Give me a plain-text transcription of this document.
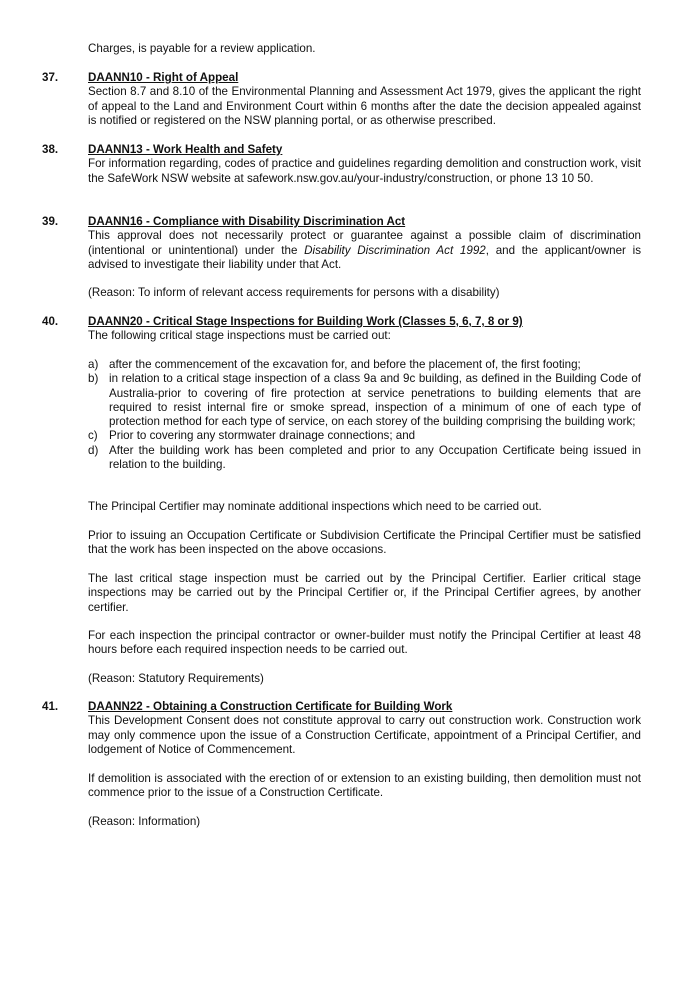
Charges, is payable for a review application.

37.	DAANN10 - Right of Appeal

Section 8.7 and 8.10 of the Environmental Planning and Assessment Act 1979, gives the applicant the right of appeal to the Land and Environment Court within 6 months after the date the decision appealed against is notified or registered on the NSW planning portal, or as otherwise prescribed.

38.	DAANN13 - Work Health and Safety

For information regarding, codes of practice and guidelines regarding demolition and construction work, visit the SafeWork NSW website at safework.nsw.gov.au/your-industry/construction, or phone 13 10 50.

39.	DAANN16 - Compliance with Disability Discrimination Act

This approval does not necessarily protect or guarantee against a possible claim of discrimination (intentional or unintentional) under the Disability Discrimination Act 1992, and the applicant/owner is advised to investigate their liability under that Act.

(Reason: To inform of relevant access requirements for persons with a disability)

40.	DAANN20 - Critical Stage Inspections for Building Work (Classes 5, 6, 7, 8 or 9)

The following critical stage inspections must be carried out:

a) after the commencement of the excavation for, and before the placement of, the first footing;
b) in relation to a critical stage inspection of a class 9a and 9c building, as defined in the Building Code of Australia-prior to covering of fire protection at service penetrations to building elements that are required to resist internal fire or smoke spread, inspection of a minimum of one of each type of protection method for each type of service, on each storey of the building comprising the building work;
c) Prior to covering any stormwater drainage connections; and
d) After the building work has been completed and prior to any Occupation Certificate being issued in relation to the building.

The Principal Certifier may nominate additional inspections which need to be carried out.

Prior to issuing an Occupation Certificate or Subdivision Certificate the Principal Certifier must be satisfied that the work has been inspected on the above occasions.

The last critical stage inspection must be carried out by the Principal Certifier. Earlier critical stage inspections may be carried out by the Principal Certifier or, if the Principal Certifier agrees, by another certifier.

For each inspection the principal contractor or owner-builder must notify the Principal Certifier at least 48 hours before each required inspection needs to be carried out.

(Reason: Statutory Requirements)

41.	DAANN22 - Obtaining a Construction Certificate for Building Work

This Development Consent does not constitute approval to carry out construction work. Construction work may only commence upon the issue of a Construction Certificate, appointment of a Principal Certifier, and lodgement of Notice of Commencement.

If demolition is associated with the erection of or extension to an existing building, then demolition must not commence prior to the issue of a Construction Certificate.

(Reason: Information)
